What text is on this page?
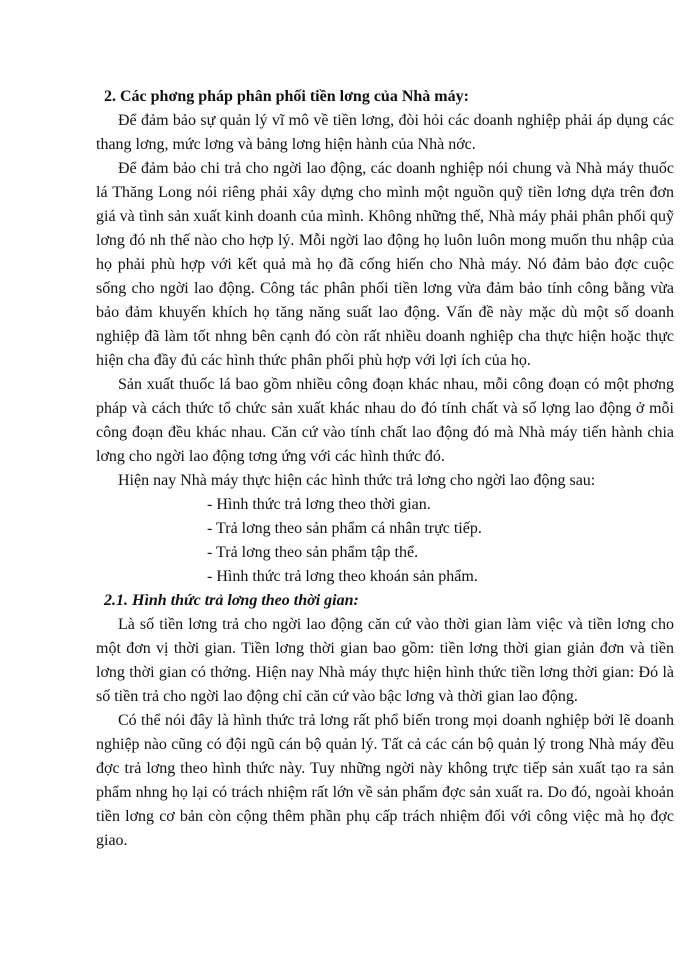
2. Các phơng pháp phân phối tiền lơng của Nhà máy:

Để đảm bảo sự quản lý vĩ mô về tiền lơng, đòi hỏi các doanh nghiệp phải áp dụng các thang lơng, mức lơng và bảng lơng hiện hành của Nhà nớc.

Để đảm bảo chi trả cho ngời lao động, các doanh nghiệp nói chung và Nhà máy thuốc lá Thăng Long nói riêng phải xây dựng cho mình một nguồn quỹ tiền lơng dựa trên đơn giá và tình sản xuất kinh doanh của mình. Không những thế, Nhà máy phải phân phối quỹ lơng đó nh thế nào cho hợp lý. Mỗi ngời lao động họ luôn luôn mong muốn thu nhập của họ phải phù hợp với kết quả mà họ đã cống hiến cho Nhà máy. Nó đảm bảo đợc cuộc sống cho ngời lao động. Công tác phân phối tiền lơng vừa đảm bảo tính công bằng vừa bảo đảm khuyến khích họ tăng năng suất lao động. Vấn đề này mặc dù một số doanh nghiệp đã làm tốt nhng bên cạnh đó còn rất nhiều doanh nghiệp cha thực hiện hoặc thực hiện cha đầy đủ các hình thức phân phối phù hợp với lợi ích của họ.

Sản xuất thuốc lá bao gồm nhiều công đoạn khác nhau, mỗi công đoạn có một phơng pháp và cách thức tổ chức sản xuất khác nhau do đó tính chất và số lợng lao động ở mỗi công đoạn đều khác nhau. Căn cứ vào tính chất lao động đó mà Nhà máy tiến hành chia lơng cho ngời lao động tơng ứng với các hình thức đó.

Hiện nay Nhà máy thực hiện các hình thức trả lơng cho ngời lao động sau:

- Hình thức trả lơng theo thời gian.
- Trả lơng theo sản phẩm cá nhân trực tiếp.
- Trả lơng theo sản phẩm tập thể.
- Hình thức trả lơng theo khoán sản phẩm.

2.1. Hình thức trả lơng theo thời gian:

Là số tiền lơng trả cho ngời lao động căn cứ vào thời gian làm việc và tiền lơng cho một đơn vị thời gian. Tiền lơng thời gian bao gồm: tiền lơng thời gian giản đơn và tiền lơng thời gian có thởng. Hiện nay Nhà máy thực hiện hình thức tiền lơng thời gian: Đó là số tiền trả cho ngời lao động chỉ căn cứ vào bậc lơng và thời gian lao động.

Có thể nói đây là hình thức trả lơng rất phổ biến trong mọi doanh nghiệp bởi lẽ doanh nghiệp nào cũng có đội ngũ cán bộ quản lý. Tất cả các cán bộ quản lý trong Nhà máy đều đợc trả lơng theo hình thức này. Tuy những ngời này không trực tiếp sản xuất tạo ra sản phẩm nhng họ lại có trách nhiệm rất lớn về sản phẩm đợc sản xuất ra. Do đó, ngoài khoản tiền lơng cơ bản còn cộng thêm phần phụ cấp trách nhiệm đối với công việc mà họ đợc giao.
